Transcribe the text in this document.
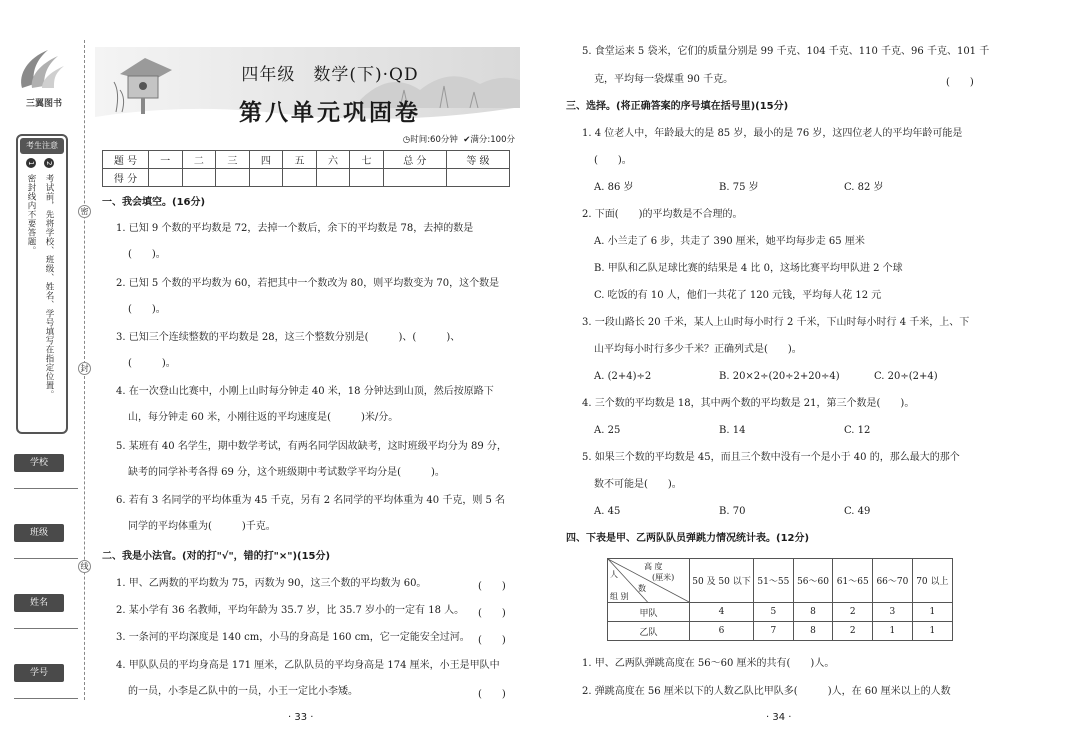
三翼图书
考生注意
1 密封线内不要答题。
2 考试前，先将学校、班级、姓名、学号填写在指定位置。
学校
班级
姓名
学号
密
封
线
四年级　数学(下)·QD
第八单元巩固卷
◷时间:60分钟 ✔满分:100分
题 号	一	二	三	四	五	六	七	总 分	等 级
得 分									
一、我会填空。(16分)
1. 已知 9 个数的平均数是 72，去掉一个数后，余下的平均数是 78，去掉的数是
(　　)。
2. 已知 5 个数的平均数为 60，若把其中一个数改为 80，则平均数变为 70，这个数是
(　　)。
3. 已知三个连续整数的平均数是 28，这三个整数分别是(　　　)、(　　　)、
(　　　)。
4. 在一次登山比赛中，小刚上山时每分钟走 40 米，18 分钟达到山顶，然后按原路下
山，每分钟走 60 米，小刚往返的平均速度是(　　　)米/分。
5. 某班有 40 名学生，期中数学考试，有两名同学因故缺考，这时班级平均分为 89 分，
缺考的同学补考各得 69 分，这个班级期中考试数学平均分是(　　　)。
6. 若有 3 名同学的平均体重为 45 千克，另有 2 名同学的平均体重为 40 千克，则 5 名
同学的平均体重为(　　　)千克。
二、我是小法官。(对的打"√"，错的打"×")(15分)
1. 甲、乙两数的平均数为 75，丙数为 90，这三个数的平均数为 60。	(　　)
2. 某小学有 36 名教师，平均年龄为 35.7 岁，比 35.7 岁小的一定有 18 人。 (　　)
3. 一条河的平均深度是 140 cm，小马的身高是 160 cm，它一定能安全过河。 (　　)
4. 甲队队员的平均身高是 171 厘米，乙队队员的平均身高是 174 厘米，小王是甲队中
的一员，小李是乙队中的一员，小王一定比小李矮。	(　　)
· 33 ·
5. 食堂运来 5 袋米，它们的质量分别是 99 千克、104 千克、110 千克、96 千克、101 千
克，平均每一袋煤重 90 千克。	(　　)
三、选择。(将正确答案的序号填在括号里)(15分)
1. 4 位老人中，年龄最大的是 85 岁，最小的是 76 岁，这四位老人的平均年龄可能是
(　　)。
A. 86 岁	B. 75 岁	C. 82 岁
2. 下面(　　)的平均数是不合理的。
A. 小兰走了 6 步，共走了 390 厘米，她平均每步走 65 厘米
B. 甲队和乙队足球比赛的结果是 4 比 0，这场比赛平均甲队进 2 个球
C. 吃饭的有 10 人，他们一共花了 120 元钱，平均每人花 12 元
3. 一段山路长 20 千米，某人上山时每小时行 2 千米，下山时每小时行 4 千米，上、下
山平均每小时行多少千米？正确列式是(　　)。
A. (2+4)÷2	B. 20×2÷(20÷2+20÷4)	C. 20÷(2+4)
4. 三个数的平均数是 18，其中两个数的平均数是 21，第三个数是(　　)。
A. 25	B. 14	C. 12
5. 如果三个数的平均数是 45，而且三个数中没有一个是小于 40 的，那么最大的那个
数不可能是(　　)。
A. 45	B. 70	C. 49
四、下表是甲、乙两队队员弹跳力情况统计表。(12分)
高 度
(厘米)
人
数
组 别	50 及 50 以下	51～55	56～60	61～65	66～70	70 以上
甲队	4	5	8	2	3	1
乙队	6	7	8	2	1	1
1. 甲、乙两队弹跳高度在 56～60 厘米的共有(　　)人。
2. 弹跳高度在 56 厘米以下的人数乙队比甲队多(　　　)人，在 60 厘米以上的人数
· 34 ·
